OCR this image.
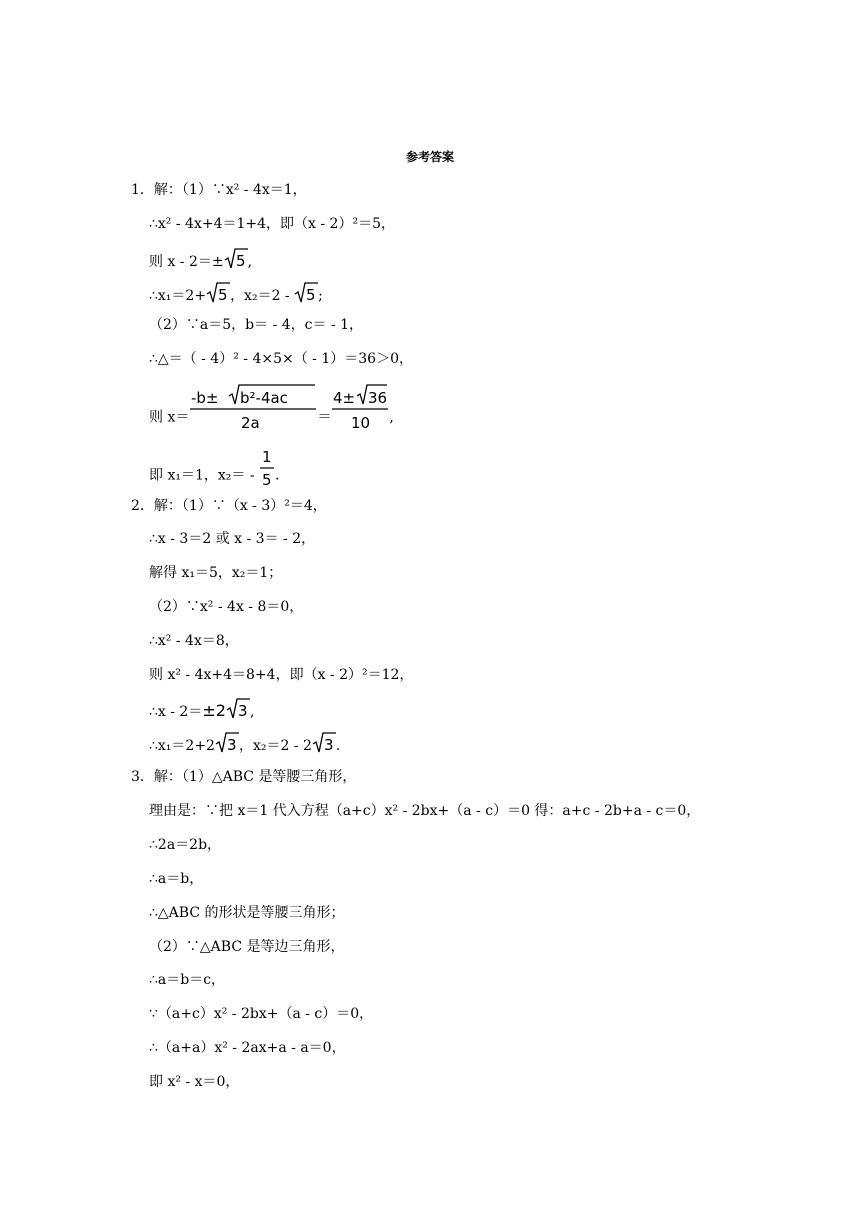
参考答案
1．解：（1）∵x² - 4x＝1，
∴x² - 4x+4＝1+4，即（x - 2）²＝5，
则 x - 2＝± 5 ,
∴x₁＝2+ 5 ，x₂＝2 - 5 ;
（2）∵a＝5，b＝ - 4，c＝ - 1，
∴△＝（ - 4）² - 4×5×（ - 1）＝36＞0，
则 x＝
-b± b²-4ac
2a	＝
4± 36
10 ,
即 x₁＝1，x₂＝ -
1
5 .
2．解：（1）∵（x - 3）²＝4，
∴x - 3＝2 或 x - 3＝ - 2，
解得 x₁＝5，x₂＝1；
（2）∵x² - 4x - 8＝0，
∴x² - 4x＝8，
则 x² - 4x+4＝8+4，即（x - 2）²＝12，
∴x - 2＝±2 3 ,
∴x₁＝2+2 3 ，x₂＝2 - 2 3 .
3．解：（1）△ABC 是等腰三角形，
理由是：∵把 x＝1 代入方程（a+c）x² - 2bx+（a - c）＝0 得：a+c - 2b+a - c＝0，
∴2a＝2b，
∴a＝b，
∴△ABC 的形状是等腰三角形；
（2）∵△ABC 是等边三角形，
∴a＝b＝c，
∵（a+c）x² - 2bx+（a - c）＝0，
∴（a+a）x² - 2ax+a - a＝0，
即 x² - x＝0，
